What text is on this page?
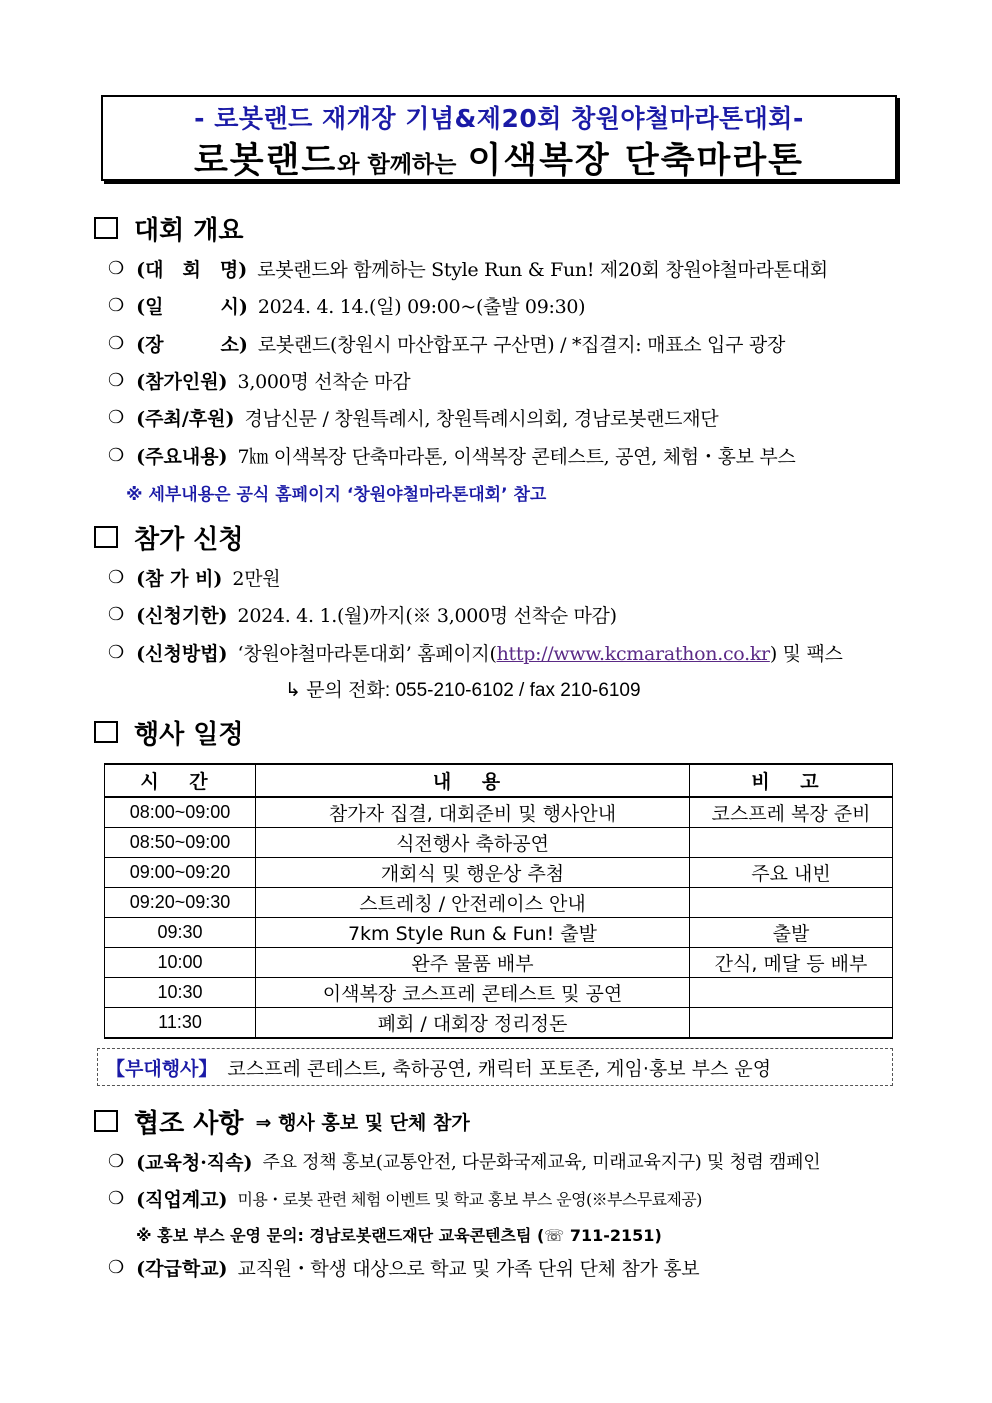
- 로봇랜드 재개장 기념&제20회 창원야철마라톤대회-
로봇랜드와 함께하는 이색복장 단축마라톤
대회 개요
❍ (대　회　명) 로봇랜드와 함께하는 Style Run & Fun! 제20회 창원야철마라톤대회
❍ (일　　　시) 2024. 4. 14.(일) 09:00~(출발 09:30)
❍ (장　　　소) 로봇랜드(창원시 마산합포구 구산면) / *집결지: 매표소 입구 광장
❍ (참가인원) 3,000명 선착순 마감
❍ (주최/후원) 경남신문 / 창원특례시, 창원특례시의회, 경남로봇랜드재단
❍ (주요내용) 7㎞ 이색복장 단축마라톤, 이색복장 콘테스트, 공연, 체험・홍보 부스
※ 세부내용은 공식 홈페이지 ‘창원야철마라톤대회’ 참고
참가 신청
❍ (참 가 비) 2만원
❍ (신청기한) 2024. 4. 1.(월)까지(※ 3,000명 선착순 마감)
❍ (신청방법) ‘창원야철마라톤대회’ 홈페이지(http://www.kcmarathon.co.kr) 및 팩스
↳ 문의 전화: 055-210-6102 / fax 210-6109
행사 일정
시 간	내 용	비 고
08:00~09:00	참가자 집결, 대회준비 및 행사안내	코스프레 복장 준비
08:50~09:00	식전행사 축하공연	
09:00~09:20	개회식 및 행운상 추첨	주요 내빈
09:20~09:30	스트레칭 / 안전레이스 안내	
09:30	7km Style Run & Fun! 출발	출발
10:00	완주 물품 배부	간식, 메달 등 배부
10:30	이색복장 코스프레 콘테스트 및 공연	
11:30	폐회 / 대회장 정리정돈	
【부대행사】 코스프레 콘테스트, 축하공연, 캐릭터 포토존, 게임·홍보 부스 운영
협조 사항 ⇒ 행사 홍보 및 단체 참가
❍ (교육청·직속) 주요 정책 홍보(교통안전, 다문화국제교육, 미래교육지구) 및 청렴 캠페인
❍ (직업계고) 미용・로봇 관련 체험 이벤트 및 학교 홍보 부스 운영(※부스무료제공)
※ 홍보 부스 운영 문의: 경남로봇랜드재단 교육콘텐츠팀 (☏ 711-2151)
❍ (각급학교) 교직원・학생 대상으로 학교 및 가족 단위 단체 참가 홍보
